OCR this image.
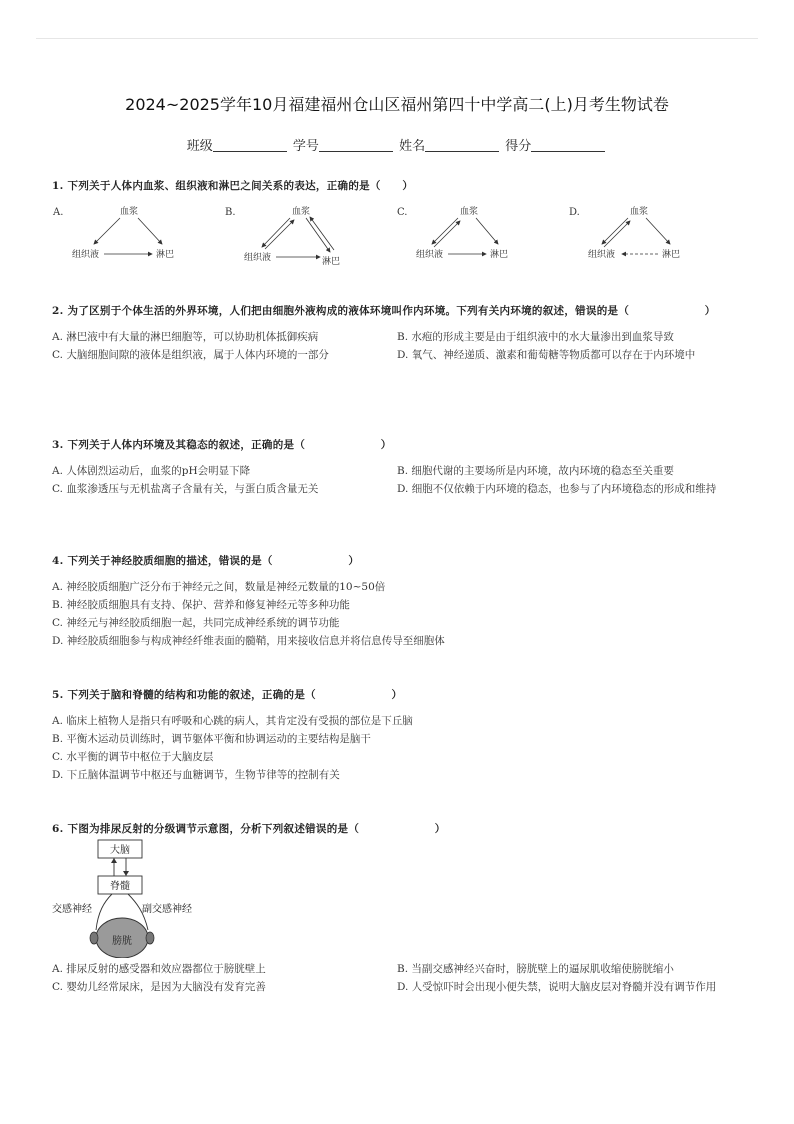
2024~2025学年10月福建福州仓山区福州第四十中学高二(上)月考生物试卷
班级	学号	姓名	得分
1. 下列关于人体内血浆、组织液和淋巴之间关系的表达，正确的是（　　）
A.	血浆
组织液	淋巴
B.	血浆
组织液	淋巴
C.	血浆
组织液	淋巴
D.	血浆
组织液	淋巴
2. 为了区别于个体生活的外界环境，人们把由细胞外液构成的液体环境叫作内环境。下列有关内环境的叙述，错误的是（　　　　　　　）
A. 淋巴液中有大量的淋巴细胞等，可以协助机体抵御疾病	B. 水疱的形成主要是由于组织液中的水大量渗出到血浆导致
C. 大脑细胞间隙的液体是组织液，属于人体内环境的一部分	D. 氧气、神经递质、激素和葡萄糖等物质都可以存在于内环境中
3. 下列关于人体内环境及其稳态的叙述，正确的是（　　　　　　　）
A. 人体剧烈运动后，血浆的pH会明显下降	B. 细胞代谢的主要场所是内环境，故内环境的稳态至关重要
C. 血浆渗透压与无机盐离子含量有关，与蛋白质含量无关	D. 细胞不仅依赖于内环境的稳态，也参与了内环境稳态的形成和维持
4. 下列关于神经胶质细胞的描述，错误的是（　　　　　　　）
A. 神经胶质细胞广泛分布于神经元之间，数量是神经元数量的10~50倍
B. 神经胶质细胞具有支持、保护、营养和修复神经元等多种功能
C. 神经元与神经胶质细胞一起，共同完成神经系统的调节功能
D. 神经胶质细胞参与构成神经纤维表面的髓鞘，用来接收信息并将信息传导至细胞体
5. 下列关于脑和脊髓的结构和功能的叙述，正确的是（　　　　　　　）
A. 临床上植物人是指只有呼吸和心跳的病人，其肯定没有受损的部位是下丘脑
B. 平衡木运动员训练时，调节躯体平衡和协调运动的主要结构是脑干
C. 水平衡的调节中枢位于大脑皮层
D. 下丘脑体温调节中枢还与血糖调节，生物节律等的控制有关
6. 下图为排尿反射的分级调节示意图，分析下列叙述错误的是（　　　　　　　）
大脑
脊髓
交感神经	副交感神经
膀胱
A. 排尿反射的感受器和效应器都位于膀胱壁上	B. 当副交感神经兴奋时，膀胱壁上的逼尿肌收缩使膀胱缩小
C. 婴幼儿经常尿床，是因为大脑没有发育完善	D. 人受惊吓时会出现小便失禁，说明大脑皮层对脊髓并没有调节作用
